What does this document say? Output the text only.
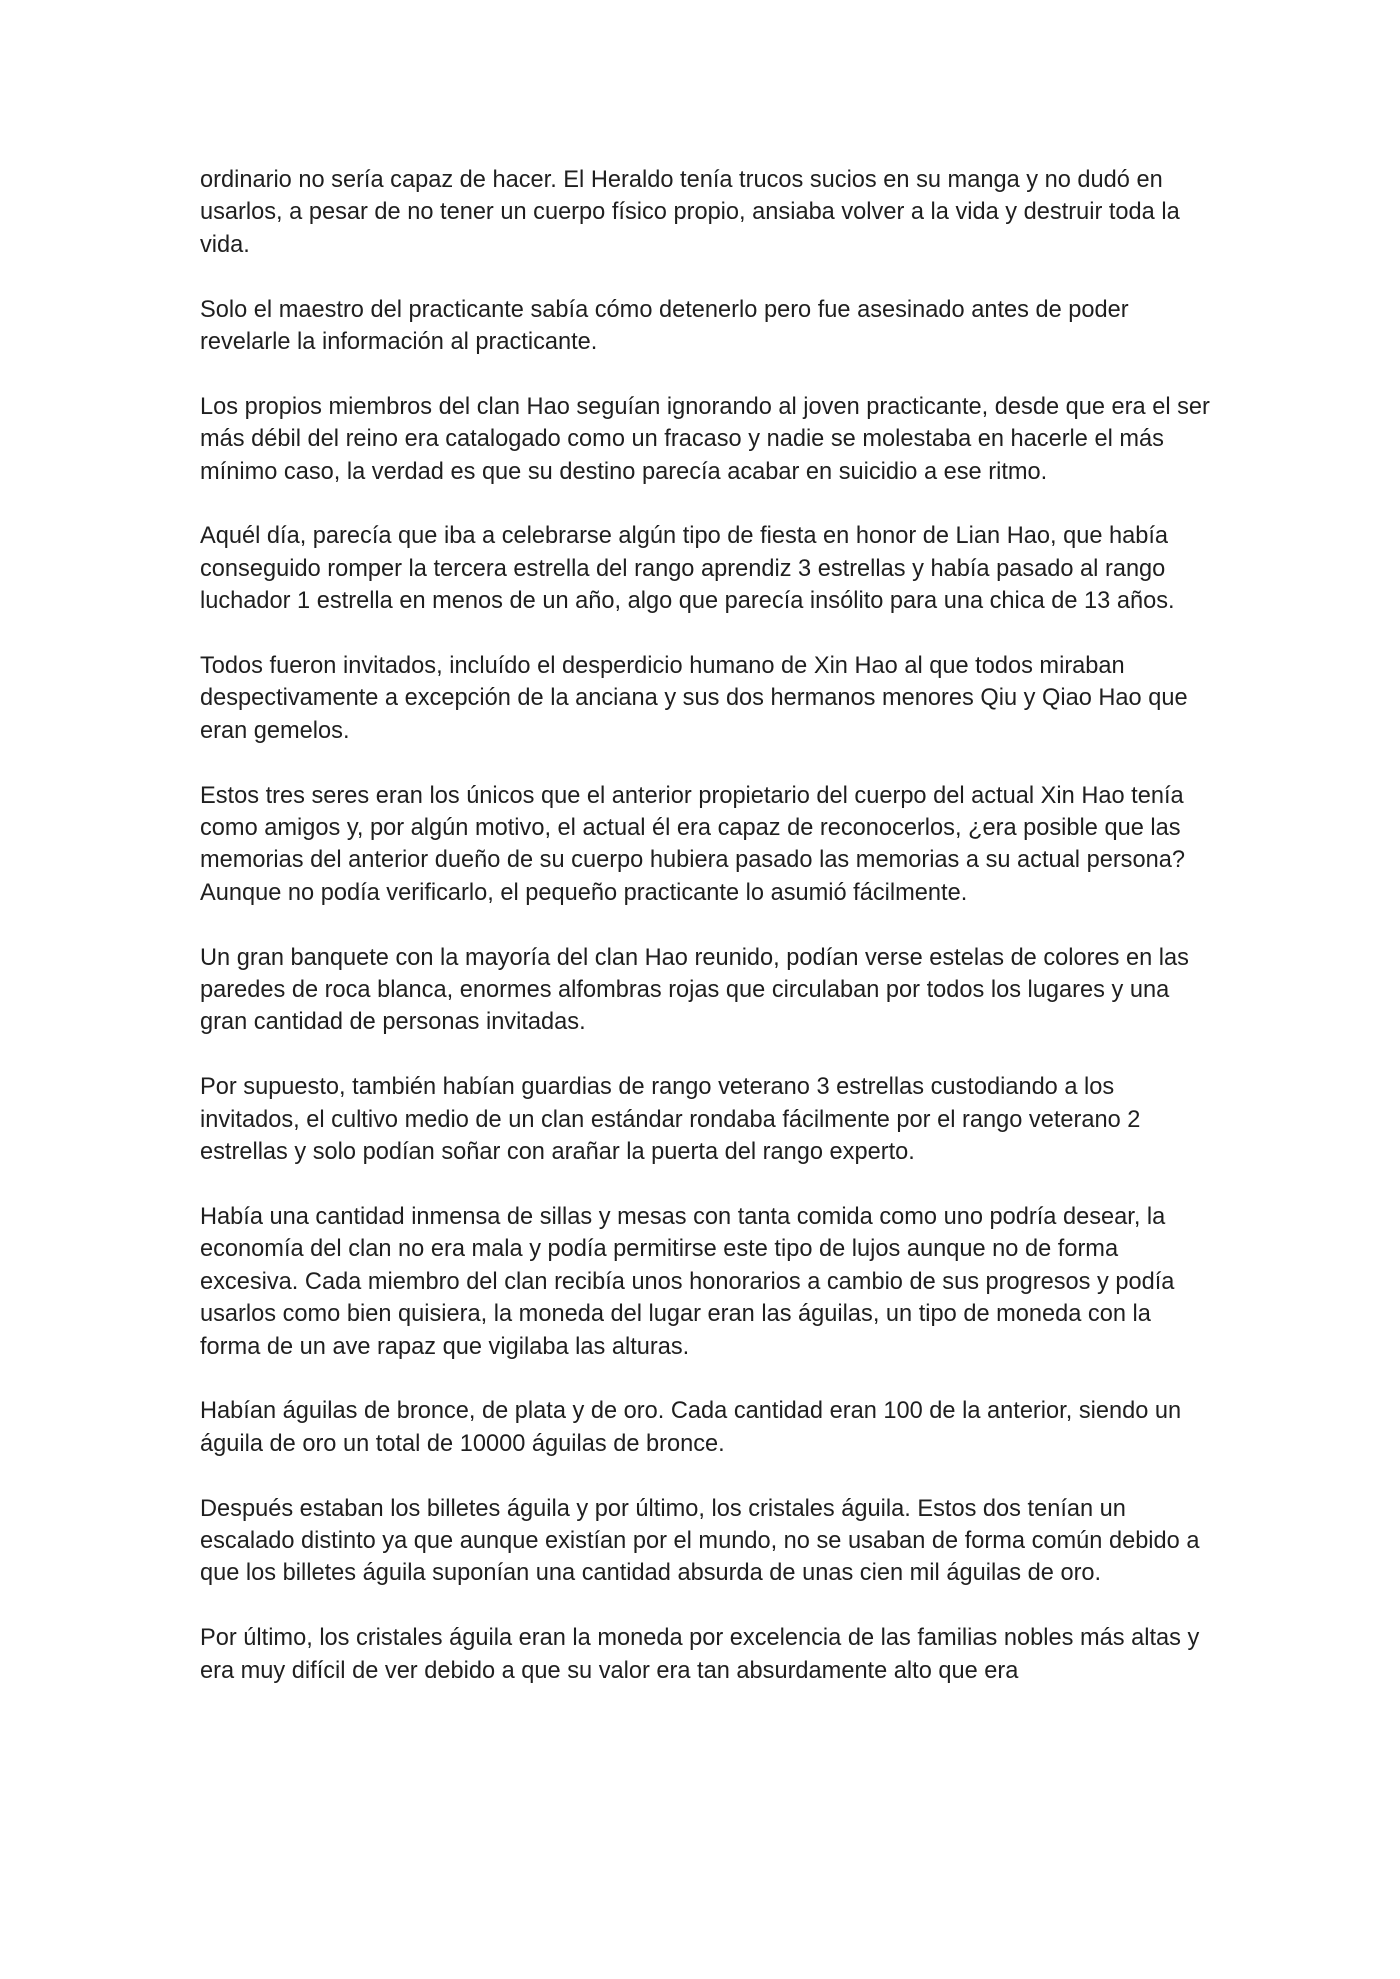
ordinario no sería capaz de hacer. El Heraldo tenía trucos sucios en su manga y no dudó en usarlos, a pesar de no tener un cuerpo físico propio, ansiaba volver a la vida y destruir toda la vida.

Solo el maestro del practicante sabía cómo detenerlo pero fue asesinado antes de poder revelarle la información al practicante.

Los propios miembros del clan Hao seguían ignorando al joven practicante, desde que era el ser más débil del reino era catalogado como un fracaso y nadie se molestaba en hacerle el más mínimo caso, la verdad es que su destino parecía acabar en suicidio a ese ritmo.

Aquél día, parecía que iba a celebrarse algún tipo de fiesta en honor de Lian Hao, que había conseguido romper la tercera estrella del rango aprendiz 3 estrellas y había pasado al rango luchador 1 estrella en menos de un año, algo que parecía insólito para una chica de 13 años.

Todos fueron invitados, incluído el desperdicio humano de Xin Hao al que todos miraban despectivamente a excepción de la anciana y sus dos hermanos menores Qiu y Qiao Hao que eran gemelos.

Estos tres seres eran los únicos que el anterior propietario del cuerpo del actual Xin Hao tenía como amigos y, por algún motivo, el actual él era capaz de reconocerlos, ¿era posible que las memorias del anterior dueño de su cuerpo hubiera pasado las memorias a su actual persona? Aunque no podía verificarlo, el pequeño practicante lo asumió fácilmente.

Un gran banquete con la mayoría del clan Hao reunido, podían verse estelas de colores en las paredes de roca blanca, enormes alfombras rojas que circulaban por todos los lugares y una gran cantidad de personas invitadas.

Por supuesto, también habían guardias de rango veterano 3 estrellas custodiando a los invitados, el cultivo medio de un clan estándar rondaba fácilmente por el rango veterano 2 estrellas y solo podían soñar con arañar la puerta del rango experto.

Había una cantidad inmensa de sillas y mesas con tanta comida como uno podría desear, la economía del clan no era mala y podía permitirse este tipo de lujos aunque no de forma excesiva. Cada miembro del clan recibía unos honorarios a cambio de sus progresos y podía usarlos como bien quisiera, la moneda del lugar eran las águilas, un tipo de moneda con la forma de un ave rapaz que vigilaba las alturas.

Habían águilas de bronce, de plata y de oro. Cada cantidad eran 100 de la anterior, siendo un águila de oro un total de 10000 águilas de bronce.

Después estaban los billetes águila y por último, los cristales águila. Estos dos tenían un escalado distinto ya que aunque existían por el mundo, no se usaban de forma común debido a que los billetes águila suponían una cantidad absurda de unas cien mil águilas de oro.

Por último, los cristales águila eran la moneda por excelencia de las familias nobles más altas y era muy difícil de ver debido a que su valor era tan absurdamente alto que era
